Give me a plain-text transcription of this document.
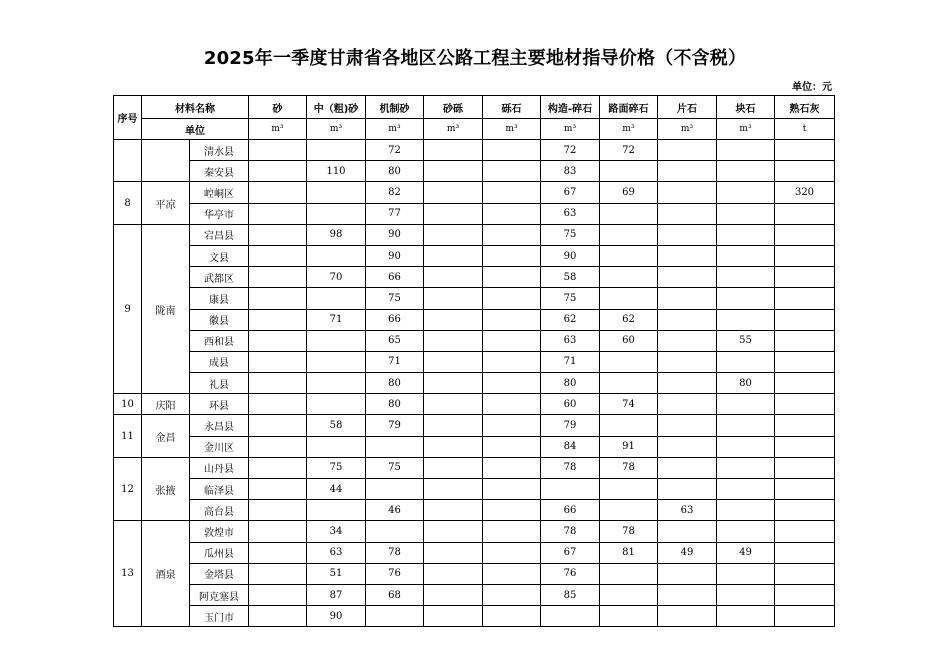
2025年一季度甘肃省各地区公路工程主要地材指导价格（不含税）
单位：元
序号	材料名称		砂	中（粗)砂	机制砂	砂砾	砾石	构造-碎石	路面碎石	片石	块石	熟石灰
	单位		m³	m³	m³	m³	m³	m³	m³	m³	m³	t
		清水县			72			72	72			
		秦安县		110	80			83				
8	平凉	崆峒区			82			67	69			320
		华亭市			77			63				
9	陇南	宕昌县		98	90			75				
		文县			90			90				
		武都区		70	66			58				
		康县			75			75				
		徽县		71	66			62	62			
		西和县			65			63	60		55	
		成县			71			71				
		礼县			80			80			80	
10	庆阳	环县			80			60	74			
11	金昌	永昌县		58	79			79				
		金川区						84	91			
12	张掖	山丹县		75	75			78	78			
		临泽县		44								
		高台县			46			66		63		
13	酒泉	敦煌市		34				78	78			
		瓜州县		63	78			67	81	49	49	
		金塔县		51	76			76				
		阿克塞县		87	68			85				
		玉门市		90								
